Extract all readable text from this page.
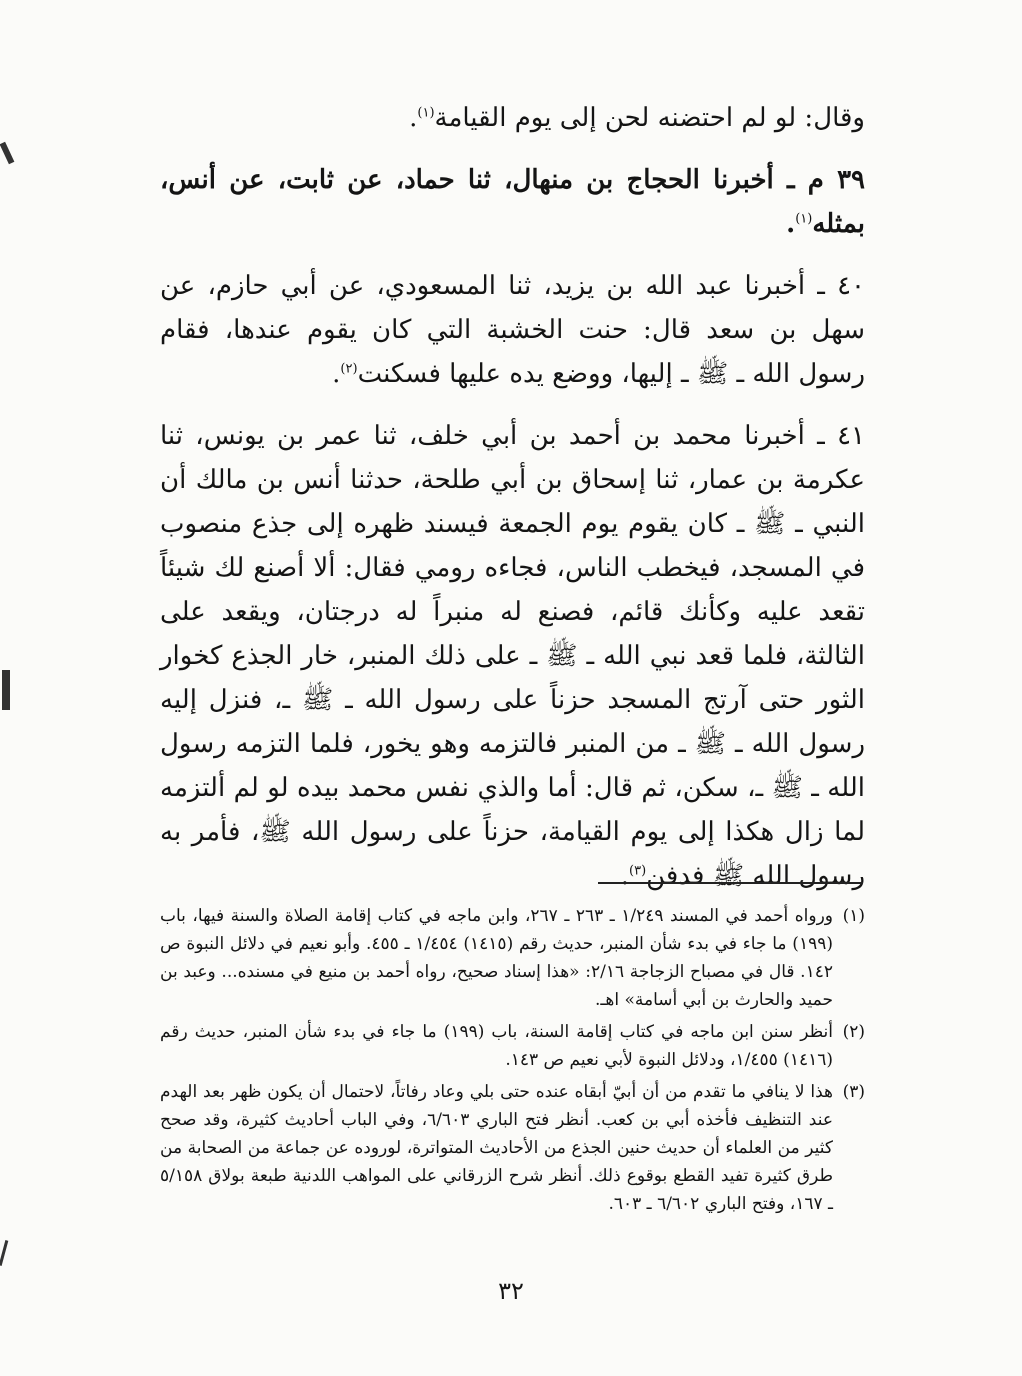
وقال: لو لم احتضنه لحن إلى يوم القيامة$^{(١)}$.

٣٩ م ـ أخبرنا الحجاج بن منهال، ثنا حماد، عن ثابت، عن أنس، بمثله$^{(١)}$.

٤٠ ـ أخبرنا عبد الله بن يزيد، ثنا المسعودي، عن أبي حازم، عن سهل بن سعد قال: حنت الخشبة التي كان يقوم عندها، فقام رسول الله ـ ﷺ ـ إليها، ووضع يده عليها فسكنت$^{(٢)}$.

٤١ ـ أخبرنا محمد بن أحمد بن أبي خلف، ثنا عمر بن يونس، ثنا عكرمة بن عمار، ثنا إسحاق بن أبي طلحة، حدثنا أنس بن مالك أن النبي ـ ﷺ ـ كان يقوم يوم الجمعة فيسند ظهره إلى جذع منصوب في المسجد، فيخطب الناس، فجاءه رومي فقال: ألا أصنع لك شيئاً تقعد عليه وكأنك قائم، فصنع له منبراً له درجتان، ويقعد على الثالثة، فلما قعد نبي الله ـ ﷺ ـ على ذلك المنبر، خار الجذع كخوار الثور حتى آرتج المسجد حزناً على رسول الله ـ ﷺ ـ، فنزل إليه رسول الله ـ ﷺ ـ من المنبر فالتزمه وهو يخور، فلما التزمه رسول الله ـ ﷺ ـ، سكن، ثم قال: أما والذي نفس محمد بيده لو لم ألتزمه لما زال هكذا إلى يوم القيامة، حزناً على رسول الله ﷺ، فأمر به رسول الله ﷺ فدفن$^{(٣)}$.

(١)
ورواه أحمد في المسند ١/٢٤٩ ـ ٢٦٣ ـ ٢٦٧، وابن ماجه في كتاب إقامة الصلاة والسنة فيها، باب (١٩٩) ما جاء في بدء شأن المنبر، حديث رقم (١٤١٥) ١/٤٥٤ ـ ٤٥٥. وأبو نعيم في دلائل النبوة ص ١٤٢. قال في مصباح الزجاجة ٢/١٦: «هذا إسناد صحيح، رواه أحمد بن منيع في مسنده... وعبد بن حميد والحارث بن أبي أسامة» اهـ.
(٢)
أنظر سنن ابن ماجه في كتاب إقامة السنة، باب (١٩٩) ما جاء في بدء شأن المنبر، حديث رقم (١٤١٦) ١/٤٥٥، ودلائل النبوة لأبي نعيم ص ١٤٣.
(٣)
هذا لا ينافي ما تقدم من أن أبيّ أبقاه عنده حتى بلي وعاد رفاتاً، لاحتمال أن يكون ظهر بعد الهدم عند التنظيف فأخذه أبي بن كعب. أنظر فتح الباري ٦/٦٠٣، وفي الباب أحاديث كثيرة، وقد صحح كثير من العلماء أن حديث حنين الجذع من الأحاديث المتواترة، لوروده عن جماعة من الصحابة من طرق كثيرة تفيد القطع بوقوع ذلك. أنظر شرح الزرقاني على المواهب اللدنية طبعة بولاق ٥/١٥٨ ـ ١٦٧، وفتح الباري ٦/٦٠٢ ـ ٦٠٣.
٣٢
